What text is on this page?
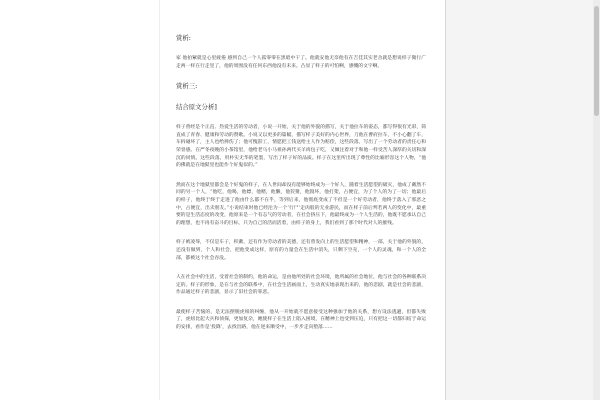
赏析:

家 他拍紧就是心里疲倦 感到自己一个人孤零零在黑暗中干了。他就安他无奈他有在吉佳其实老舍就是想说样子微行广走两一样在行走里了，他的周围没有任何东西他没有未来。凸显了样子的可怕啊，感慨的文字啊。

赏析三:
结合原文分析]

样子曾经是个正直、热爱生活的劳动者，小说一开始，关于他的外貌的描写，关于他拉车的姿态，都写得很有光彩，简直成了青春、健康和劳动的赞歌。小说又以更多的篇幅，描写样子美好的内心世界，刀他在曹府拉车，不小心翻了车，车拆碰坏了，主人也给摔伤了；他可愧辞工，情愿把工钱送给主人作为赔偿，这些段落，写出了一个劳动者的责任心和荣誉感。在严冬夜晚的小茶馆里，他给老马小马祖孙两代买羊肉包子吃，又倾注着对于和他一样受苦人深厚的关切和深沉的同情。这些段落，用朴实无华的笔墨，写出了样子好的品质。样子在这里所出现了尊性的比喻形容这个人物，“他的佛就是在地狱里也能作个好鬼似的。”

然而在这个地狱里都会是个好鬼的样子，在人世间却没有能够始终成为一个好人，随着生活愿望的破灭，他成了戴然不同的另一个人，“他吃，他喝，他嫖，他赌，他懒，他狡猾，他毁坏，他打架，占便宜，为了个人的为了一切；他最后的样子，他终于终于走进了他由什么都不在乎，等到后来，他彻底变成了不但是一个好劳动者，他终于落入了邪恶之中，占便宜，出卖朋友。”小说结束时他已经沦为一个‘行尸’走肉般的无业游民，而在样子前后判若两人的变化中，最重要的是生活态度的改变，他原来是一个有志气的劳动者，在社会挤压下，他最终成为一个人生活的，他既不愿承认自己的理想，也不再有奋斗的目标，只为自己的活而活着，由样子的身上，我们看到了那个时代对人的摧残。

样子被凌辱，不仅是车子，积蓄，还有作为劳动者的美德，还有曾发向上的生活愿望和精神，一部，关于他的外貌的，还没有做到，个人和社会，把他变成这样，原有的力量会在生活中消失，只剩下空壳，一个人的灵魂，和一个人的全部，都被这个社会吞没。

人在社会中的生活，受着社会的制约，他的命运，是由他所处的社会环境，他所属的社会地位，他与社会的各种联系决定的。样子的形象，是在与社会的联系中，在社会生活画面上，生动真实地表现出来的，他的悲剧，就是社会的悲剧，作品通过样子的悲剧，显示了旧社会的罪恶。

最使样子苦恼的，是无法摆脱虎妞的纠缠，他从一开始就不愿意接受这种强加于他的关系，想方设法逃避，但都失败了，虎妞比起大兵和侦探，更加复杂，她使样子在生活上陷入困境，在精神上也受到压迫，只有把这一切都归结于命运的安排，看作是‘投降’，去找出路，他在逆来顺受中，一步步走向堕落……
